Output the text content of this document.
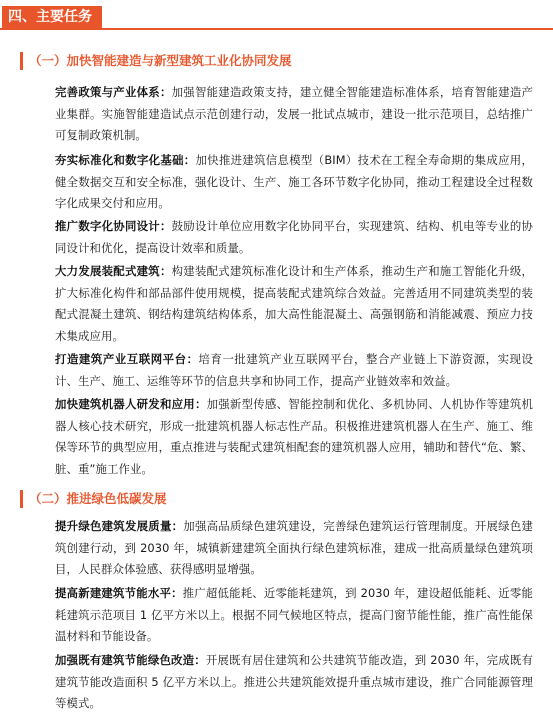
四、主要任务
（一）加快智能建造与新型建筑工业化协同发展
完善政策与产业体系：加强智能建造政策支持，建立健全智能建造标准体系，培育智能建造产业集群。实施智能建造试点示范创建行动，发展一批试点城市，建设一批示范项目，总结推广可复制政策机制。
夯实标准化和数字化基础：加快推进建筑信息模型（BIM）技术在工程全寿命期的集成应用，健全数据交互和安全标准，强化设计、生产、施工各环节数字化协同，推动工程建设全过程数字化成果交付和应用。
推广数字化协同设计：鼓励设计单位应用数字化协同平台，实现建筑、结构、机电等专业的协同设计和优化，提高设计效率和质量。
大力发展装配式建筑：构建装配式建筑标准化设计和生产体系，推动生产和施工智能化升级，扩大标准化构件和部品部件使用规模，提高装配式建筑综合效益。完善适用不同建筑类型的装配式混凝土建筑、钢结构建筑结构体系，加大高性能混凝土、高强钢筋和消能减震、预应力技术集成应用。
打造建筑产业互联网平台：培育一批建筑产业互联网平台，整合产业链上下游资源，实现设计、生产、施工、运维等环节的信息共享和协同工作，提高产业链效率和效益。
加快建筑机器人研发和应用：加强新型传感、智能控制和优化、多机协同、人机协作等建筑机器人核心技术研究，形成一批建筑机器人标志性产品。积极推进建筑机器人在生产、施工、维保等环节的典型应用，重点推进与装配式建筑相配套的建筑机器人应用，辅助和替代“危、繁、脏、重”施工作业。
（二）推进绿色低碳发展
提升绿色建筑发展质量：加强高品质绿色建筑建设，完善绿色建筑运行管理制度。开展绿色建筑创建行动，到 2030 年，城镇新建建筑全面执行绿色建筑标准，建成一批高质量绿色建筑项目，人民群众体验感、获得感明显增强。
提高新建建筑节能水平：推广超低能耗、近零能耗建筑，到 2030 年，建设超低能耗、近零能耗建筑示范项目 1 亿平方米以上。根据不同气候地区特点，提高门窗节能性能，推广高性能保温材料和节能设备。
加强既有建筑节能绿色改造：开展既有居住建筑和公共建筑节能改造，到 2030 年，完成既有建筑节能改造面积 5 亿平方米以上。推进公共建筑能效提升重点城市建设，推广合同能源管理等模式。
